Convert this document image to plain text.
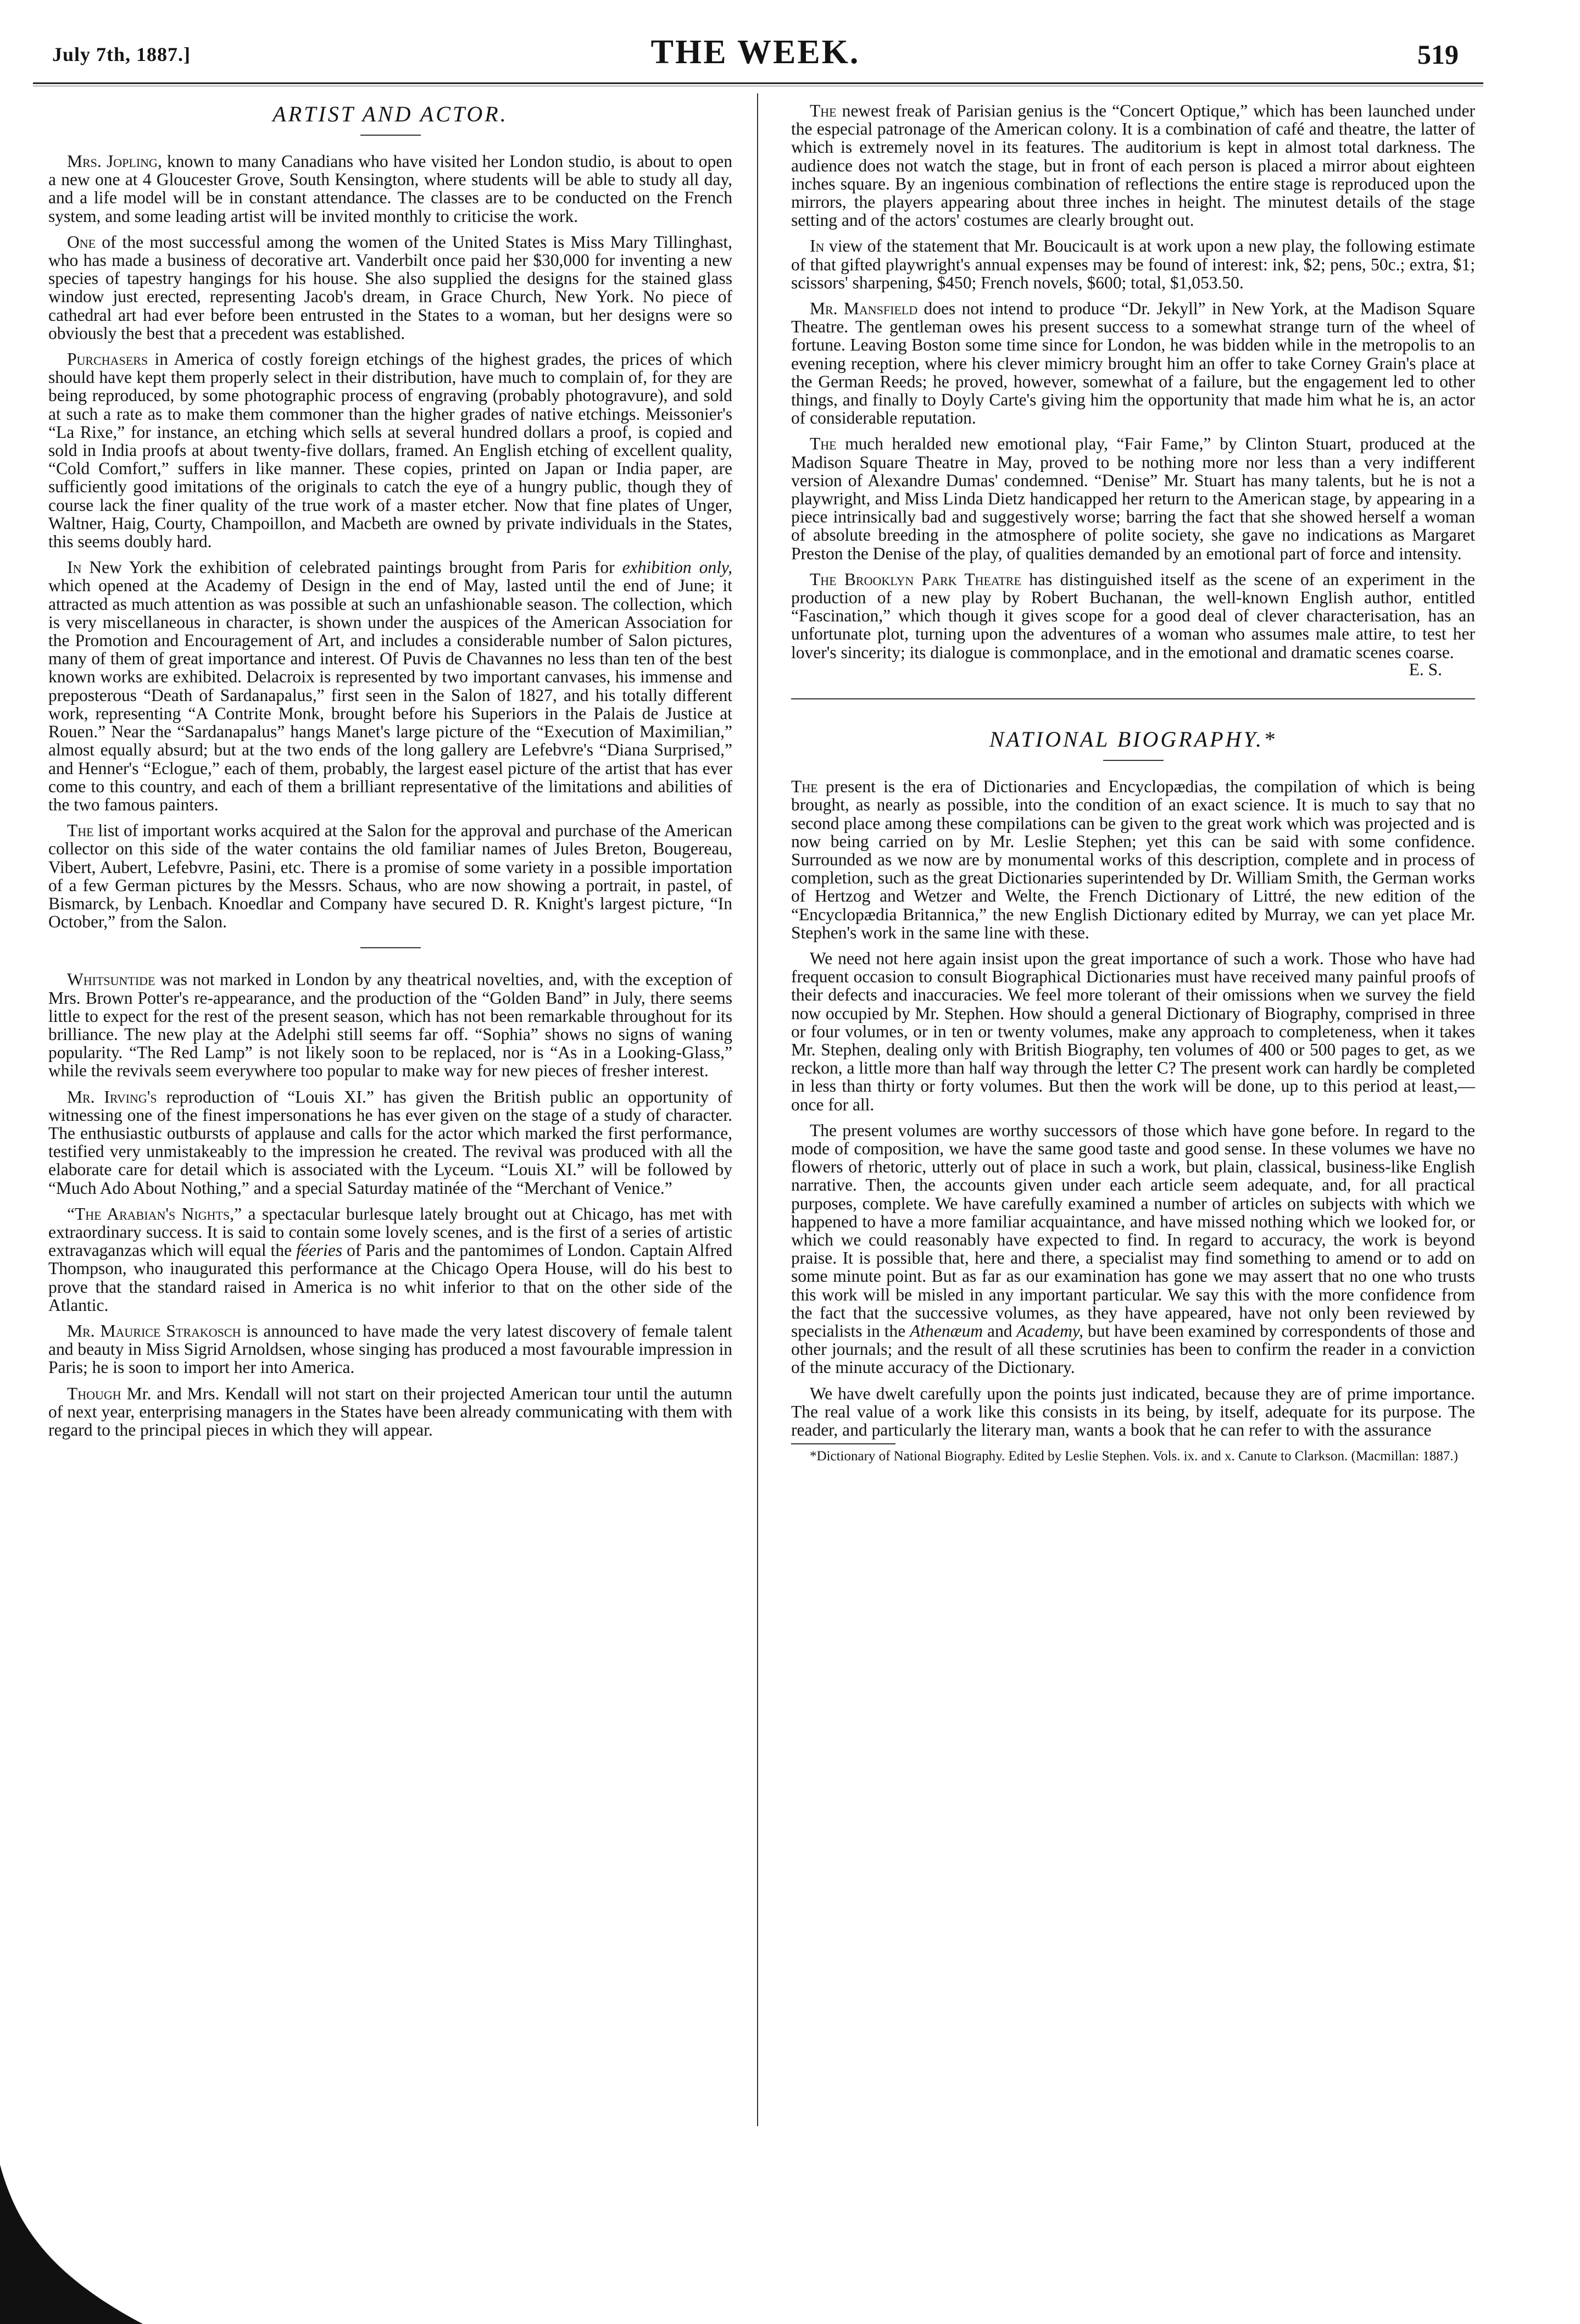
July 7th, 1887.]	THE WEEK.	519
ARTIST AND ACTOR.

Mrs. Jopling, known to many Canadians who have visited her London studio, is about to open a new one at 4 Gloucester Grove, South Kensington, where students will be able to study all day, and a life model will be in constant attendance. The classes are to be conducted on the French system, and some leading artist will be invited monthly to criticise the work.

One of the most successful among the women of the United States is Miss Mary Tillinghast, who has made a business of decorative art. Vanderbilt once paid her $30,000 for inventing a new species of tapestry hangings for his house. She also supplied the designs for the stained glass window just erected, representing Jacob's dream, in Grace Church, New York. No piece of cathedral art had ever before been entrusted in the States to a woman, but her designs were so obviously the best that a precedent was established.

Purchasers in America of costly foreign etchings of the highest grades, the prices of which should have kept them properly select in their distribution, have much to complain of, for they are being reproduced, by some photographic process of engraving (probably photogravure), and sold at such a rate as to make them commoner than the higher grades of native etchings. Meissonier's “La Rixe,” for instance, an etching which sells at several hundred dollars a proof, is copied and sold in India proofs at about twenty-five dollars, framed. An English etching of excellent quality, “Cold Comfort,” suffers in like manner. These copies, printed on Japan or India paper, are sufficiently good imitations of the originals to catch the eye of a hungry public, though they of course lack the finer quality of the true work of a master etcher. Now that fine plates of Unger, Waltner, Haig, Courty, Champoillon, and Macbeth are owned by private individuals in the States, this seems doubly hard.

In New York the exhibition of celebrated paintings brought from Paris for exhibition only, which opened at the Academy of Design in the end of May, lasted until the end of June; it attracted as much attention as was possible at such an unfashionable season. The collection, which is very miscellaneous in character, is shown under the auspices of the American Association for the Promotion and Encouragement of Art, and includes a considerable number of Salon pictures, many of them of great importance and interest. Of Puvis de Chavannes no less than ten of the best known works are exhibited. Delacroix is represented by two important canvases, his immense and preposterous “Death of Sardanapalus,” first seen in the Salon of 1827, and his totally different work, representing “A Contrite Monk, brought before his Superiors in the Palais de Justice at Rouen.” Near the “Sardanapalus” hangs Manet's large picture of the “Execution of Maximilian,” almost equally absurd; but at the two ends of the long gallery are Lefebvre's “Diana Surprised,” and Henner's “Eclogue,” each of them, probably, the largest easel picture of the artist that has ever come to this country, and each of them a brilliant representative of the limitations and abilities of the two famous painters.

The list of important works acquired at the Salon for the approval and purchase of the American collector on this side of the water contains the old familiar names of Jules Breton, Bougereau, Vibert, Aubert, Lefebvre, Pasini, etc. There is a promise of some variety in a possible importation of a few German pictures by the Messrs. Schaus, who are now showing a portrait, in pastel, of Bismarck, by Lenbach. Knoedlar and Company have secured D. R. Knight's largest picture, “In October,” from the Salon.

Whitsuntide was not marked in London by any theatrical novelties, and, with the exception of Mrs. Brown Potter's re-appearance, and the production of the “Golden Band” in July, there seems little to expect for the rest of the present season, which has not been remarkable throughout for its brilliance. The new play at the Adelphi still seems far off. “Sophia” shows no signs of waning popularity. “The Red Lamp” is not likely soon to be replaced, nor is “As in a Looking-Glass,” while the revivals seem everywhere too popular to make way for new pieces of fresher interest.

Mr. Irving's reproduction of “Louis XI.” has given the British public an opportunity of witnessing one of the finest impersonations he has ever given on the stage of a study of character. The enthusiastic outbursts of applause and calls for the actor which marked the first performance, testified very unmistakeably to the impression he created. The revival was produced with all the elaborate care for detail which is associated with the Lyceum. “Louis XI.” will be followed by “Much Ado About Nothing,” and a special Saturday matinée of the “Merchant of Venice.”

“The Arabian's Nights,” a spectacular burlesque lately brought out at Chicago, has met with extraordinary success. It is said to contain some lovely scenes, and is the first of a series of artistic extravaganzas which will equal the féeries of Paris and the pantomimes of London. Captain Alfred Thompson, who inaugurated this performance at the Chicago Opera House, will do his best to prove that the standard raised in America is no whit inferior to that on the other side of the Atlantic.

Mr. Maurice Strakosch is announced to have made the very latest discovery of female talent and beauty in Miss Sigrid Arnoldsen, whose singing has produced a most favourable impression in Paris; he is soon to import her into America.

Though Mr. and Mrs. Kendall will not start on their projected American tour until the autumn of next year, enterprising managers in the States have been already communicating with them with regard to the principal pieces in which they will appear.

The newest freak of Parisian genius is the “Concert Optique,” which has been launched under the especial patronage of the American colony. It is a combination of café and theatre, the latter of which is extremely novel in its features. The auditorium is kept in almost total darkness. The audience does not watch the stage, but in front of each person is placed a mirror about eighteen inches square. By an ingenious combination of reflections the entire stage is reproduced upon the mirrors, the players appearing about three inches in height. The minutest details of the stage setting and of the actors' costumes are clearly brought out.

In view of the statement that Mr. Boucicault is at work upon a new play, the following estimate of that gifted playwright's annual expenses may be found of interest: ink, $2; pens, 50c.; extra, $1; scissors' sharpening, $450; French novels, $600; total, $1,053.50.

Mr. Mansfield does not intend to produce “Dr. Jekyll” in New York, at the Madison Square Theatre. The gentleman owes his present success to a somewhat strange turn of the wheel of fortune. Leaving Boston some time since for London, he was bidden while in the metropolis to an evening reception, where his clever mimicry brought him an offer to take Corney Grain's place at the German Reeds; he proved, however, somewhat of a failure, but the engagement led to other things, and finally to Doyly Carte's giving him the opportunity that made him what he is, an actor of considerable reputation.

The much heralded new emotional play, “Fair Fame,” by Clinton Stuart, produced at the Madison Square Theatre in May, proved to be nothing more nor less than a very indifferent version of Alexandre Dumas' condemned. “Denise” Mr. Stuart has many talents, but he is not a playwright, and Miss Linda Dietz handicapped her return to the American stage, by appearing in a piece intrinsically bad and suggestively worse; barring the fact that she showed herself a woman of absolute breeding in the atmosphere of polite society, she gave no indications as Margaret Preston the Denise of the play, of qualities demanded by an emotional part of force and intensity.

The Brooklyn Park Theatre has distinguished itself as the scene of an experiment in the production of a new play by Robert Buchanan, the well-known English author, entitled “Fascination,” which though it gives scope for a good deal of clever characterisation, has an unfortunate plot, turning upon the adventures of a woman who assumes male attire, to test her lover's sincerity; its dialogue is commonplace, and in the emotional and dramatic scenes coarse.

E. S.
NATIONAL BIOGRAPHY.*

The present is the era of Dictionaries and Encyclopædias, the compilation of which is being brought, as nearly as possible, into the condition of an exact science. It is much to say that no second place among these compilations can be given to the great work which was projected and is now being carried on by Mr. Leslie Stephen; yet this can be said with some confidence. Surrounded as we now are by monumental works of this description, complete and in process of completion, such as the great Dictionaries superintended by Dr. William Smith, the German works of Hertzog and Wetzer and Welte, the French Dictionary of Littré, the new edition of the “Encyclopædia Britannica,” the new English Dictionary edited by Murray, we can yet place Mr. Stephen's work in the same line with these.

We need not here again insist upon the great importance of such a work. Those who have had frequent occasion to consult Biographical Dictionaries must have received many painful proofs of their defects and inaccuracies. We feel more tolerant of their omissions when we survey the field now occupied by Mr. Stephen. How should a general Dictionary of Biography, comprised in three or four volumes, or in ten or twenty volumes, make any approach to completeness, when it takes Mr. Stephen, dealing only with British Biography, ten volumes of 400 or 500 pages to get, as we reckon, a little more than half way through the letter C? The present work can hardly be completed in less than thirty or forty volumes. But then the work will be done, up to this period at least,—once for all.

The present volumes are worthy successors of those which have gone before. In regard to the mode of composition, we have the same good taste and good sense. In these volumes we have no flowers of rhetoric, utterly out of place in such a work, but plain, classical, business-like English narrative. Then, the accounts given under each article seem adequate, and, for all practical purposes, complete. We have carefully examined a number of articles on subjects with which we happened to have a more familiar acquaintance, and have missed nothing which we looked for, or which we could reasonably have expected to find. In regard to accuracy, the work is beyond praise. It is possible that, here and there, a specialist may find something to amend or to add on some minute point. But as far as our examination has gone we may assert that no one who trusts this work will be misled in any important particular. We say this with the more confidence from the fact that the successive volumes, as they have appeared, have not only been reviewed by specialists in the Athenæum and Academy, but have been examined by correspondents of those and other journals; and the result of all these scrutinies has been to confirm the reader in a conviction of the minute accuracy of the Dictionary.

We have dwelt carefully upon the points just indicated, because they are of prime importance. The real value of a work like this consists in its being, by itself, adequate for its purpose. The reader, and particularly the literary man, wants a book that he can refer to with the assurance

*Dictionary of National Biography. Edited by Leslie Stephen. Vols. ix. and x. Canute to Clarkson. (Macmillan: 1887.)
